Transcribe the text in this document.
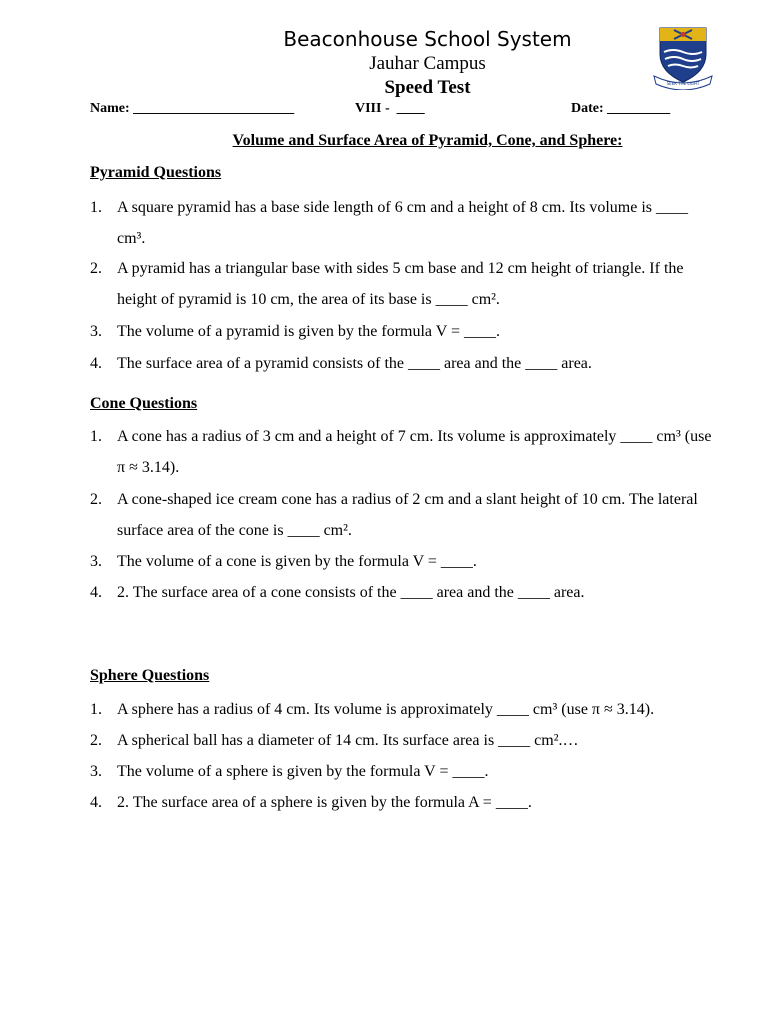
Beaconhouse School System
Jauhar Campus
Speed Test	SEEK THE LIGHT
Name: _______________________	VIII -  ____	Date: _________
Volume and Surface Area of Pyramid, Cone, and Sphere:
Pyramid Questions
1. A square pyramid has a base side length of 6 cm and a height of 8 cm. Its volume is ____ cm³.
2. A pyramid has a triangular base with sides 5 cm base and 12 cm height of triangle. If the height of pyramid is 10 cm, the area of its base is ____ cm².
3. The volume of a pyramid is given by the formula V = ____.
4. The surface area of a pyramid consists of the ____ area and the ____ area.
Cone Questions
1. A cone has a radius of 3 cm and a height of 7 cm. Its volume is approximately ____ cm³ (use π ≈ 3.14).
2. A cone-shaped ice cream cone has a radius of 2 cm and a slant height of 10 cm. The lateral surface area of the cone is ____ cm².
3. The volume of a cone is given by the formula V = ____.
4. 2. The surface area of a cone consists of the ____ area and the ____ area.
Sphere Questions
1. A sphere has a radius of 4 cm. Its volume is approximately ____ cm³ (use π ≈ 3.14).
2. A spherical ball has a diameter of 14 cm. Its surface area is ____ cm².…
3. The volume of a sphere is given by the formula V = ____.
4. 2. The surface area of a sphere is given by the formula A = ____.
